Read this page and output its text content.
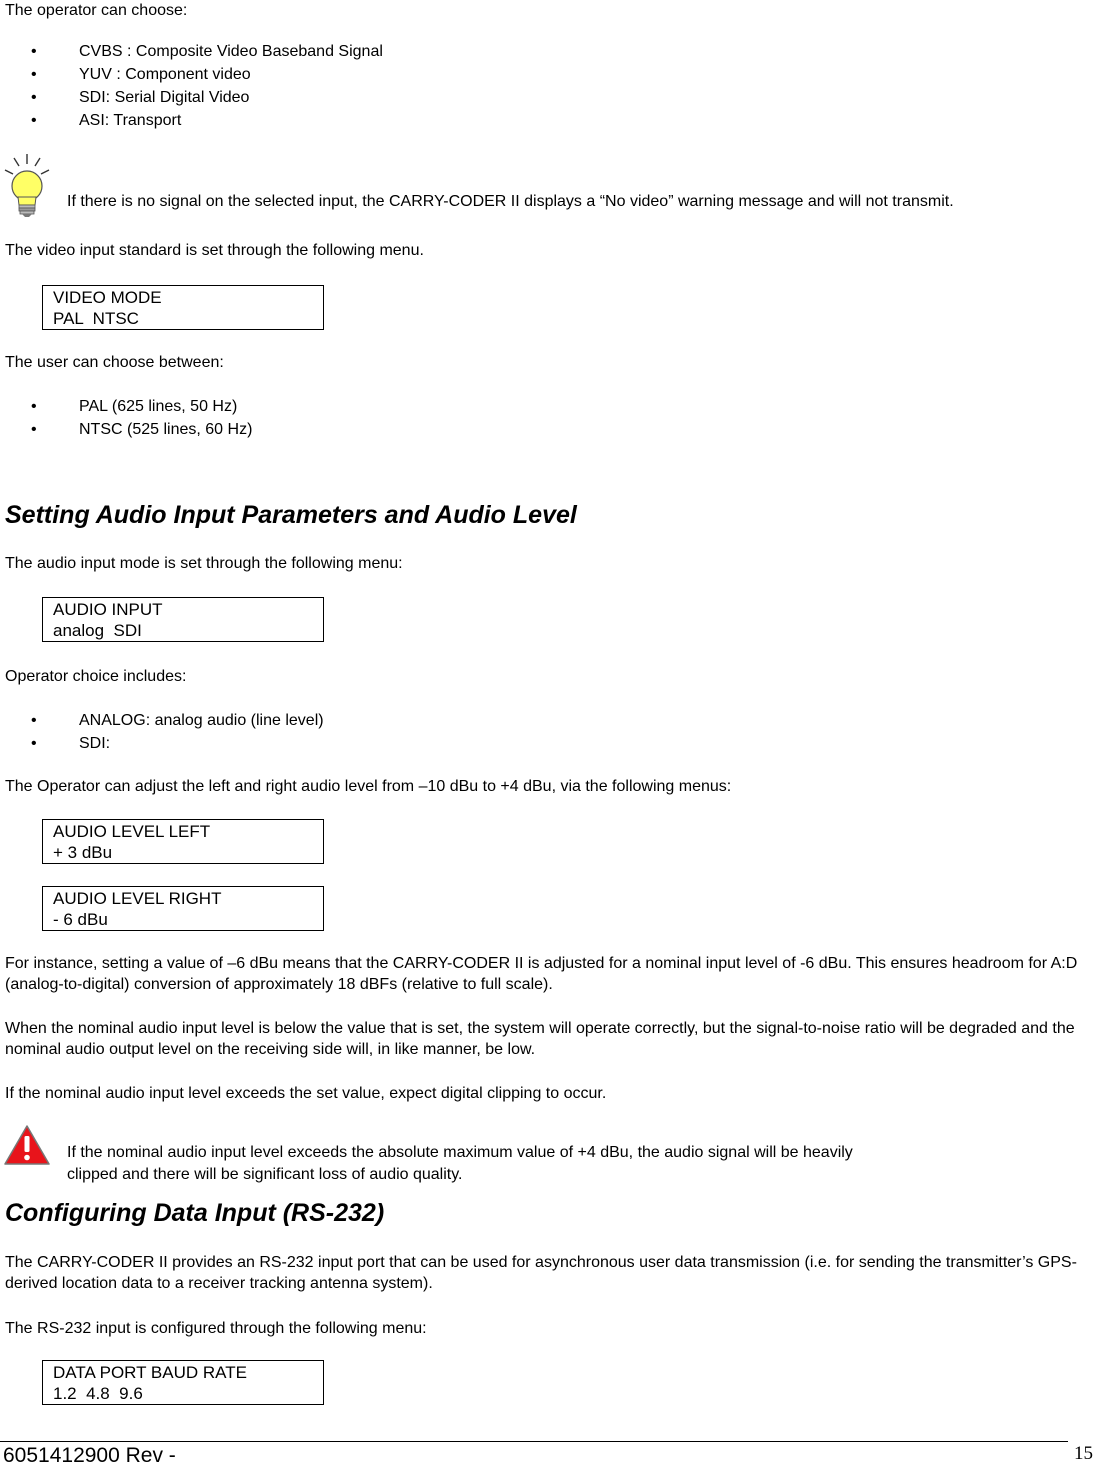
The operator can choose:

• CVBS : Composite Video Baseband Signal
• YUV : Component video
• SDI: Serial Digital Video
• ASI: Transport

If there is no signal on the selected input, the CARRY-CODER II displays a “No video” warning message and will not transmit.

The video input standard is set through the following menu.

VIDEO MODE
PAL  NTSC

The user can choose between:

• PAL (625 lines, 50 Hz)
• NTSC (525 lines, 60 Hz)
Setting Audio Input Parameters and Audio Level

The audio input mode is set through the following menu:

AUDIO INPUT
analog  SDI

Operator choice includes:

• ANALOG: analog audio (line level)
• SDI:

The Operator can adjust the left and right audio level from –10 dBu to +4 dBu, via the following menus:

AUDIO LEVEL LEFT
+ 3 dBu
AUDIO LEVEL RIGHT
- 6 dBu

For instance, setting a value of –6 dBu means that the CARRY-CODER II is adjusted for a nominal input level of -6 dBu. This ensures headroom for A:D (analog-to-digital) conversion of approximately 18 dBFs (relative to full scale).

When the nominal audio input level is below the value that is set, the system will operate correctly, but the signal-to-noise ratio will be degraded and the nominal audio output level on the receiving side will, in like manner, be low.

If the nominal audio input level exceeds the set value, expect digital clipping to occur.

If the nominal audio input level exceeds the absolute maximum value of +4 dBu, the audio signal will be heavily

clipped and there will be significant loss of audio quality.

Configuring Data Input (RS-232)

The CARRY-CODER II provides an RS-232 input port that can be used for asynchronous user data transmission (i.e. for sending the transmitter’s GPS-derived location data to a receiver tracking antenna system).

The RS-232 input is configured through the following menu:

DATA PORT BAUD RATE
1.2  4.8  9.6
6051412900 Rev -	15
